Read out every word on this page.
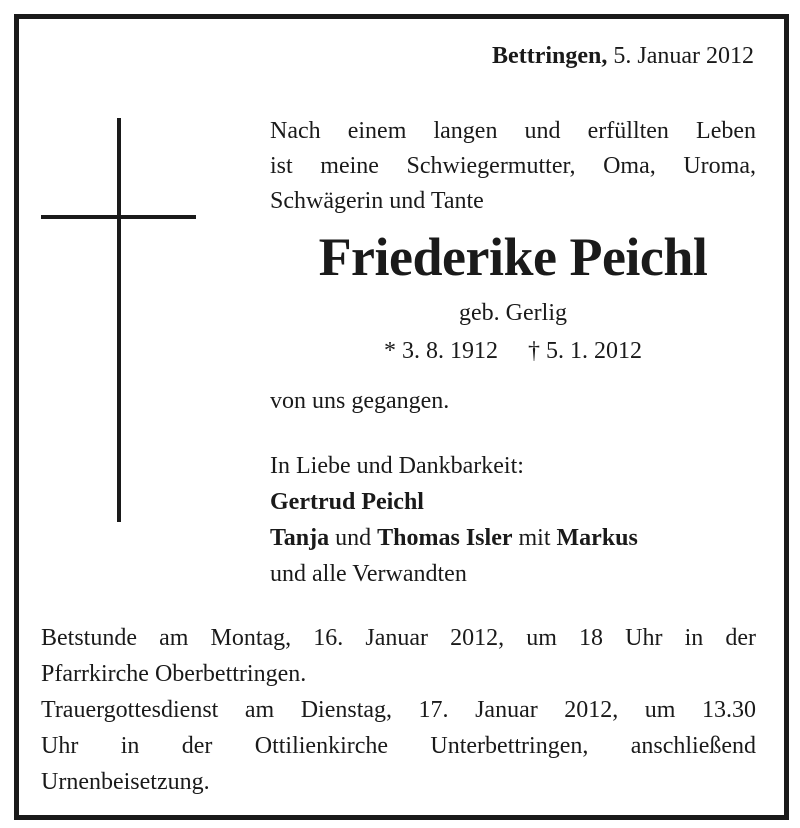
Bettringen, 5. Januar 2012
Nach einem langen und erfüllten Leben
ist meine Schwiegermutter, Oma, Uroma,
Schwägerin und Tante
Friederike Peichl
geb. Gerlig
* 3. 8. 1912 † 5. 1. 2012
von uns gegangen.
In Liebe und Dankbarkeit:
Gertrud Peichl
Tanja und Thomas Isler mit Markus
und alle Verwandten
Betstunde am Montag, 16. Januar 2012, um 18 Uhr in der
Pfarrkirche Oberbettringen.
Trauergottesdienst am Dienstag, 17. Januar 2012, um 13.30
Uhr in der Ottilienkirche Unterbettringen, anschließend
Urnenbeisetzung.
